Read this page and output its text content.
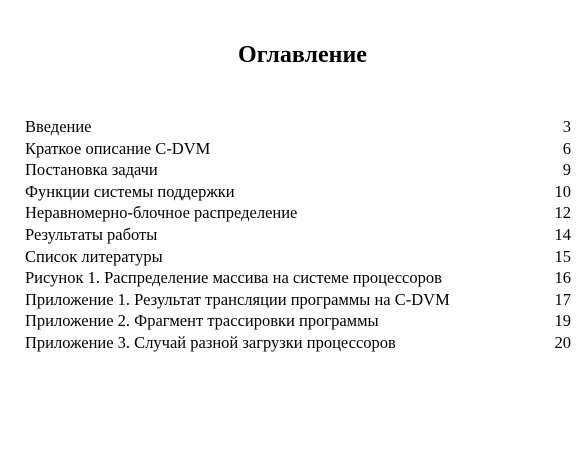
Оглавление
Введение	3
Краткое описание C-DVM	6
Постановка задачи	9
Функции системы поддержки	10
Неравномерно-блочное распределение	12
Результаты работы	14
Список литературы	15
Рисунок 1. Распределение массива на системе процессоров	16
Приложение 1. Результат трансляции программы на C-DVM	17
Приложение 2. Фрагмент трассировки программы	19
Приложение 3. Случай разной загрузки процессоров	20
